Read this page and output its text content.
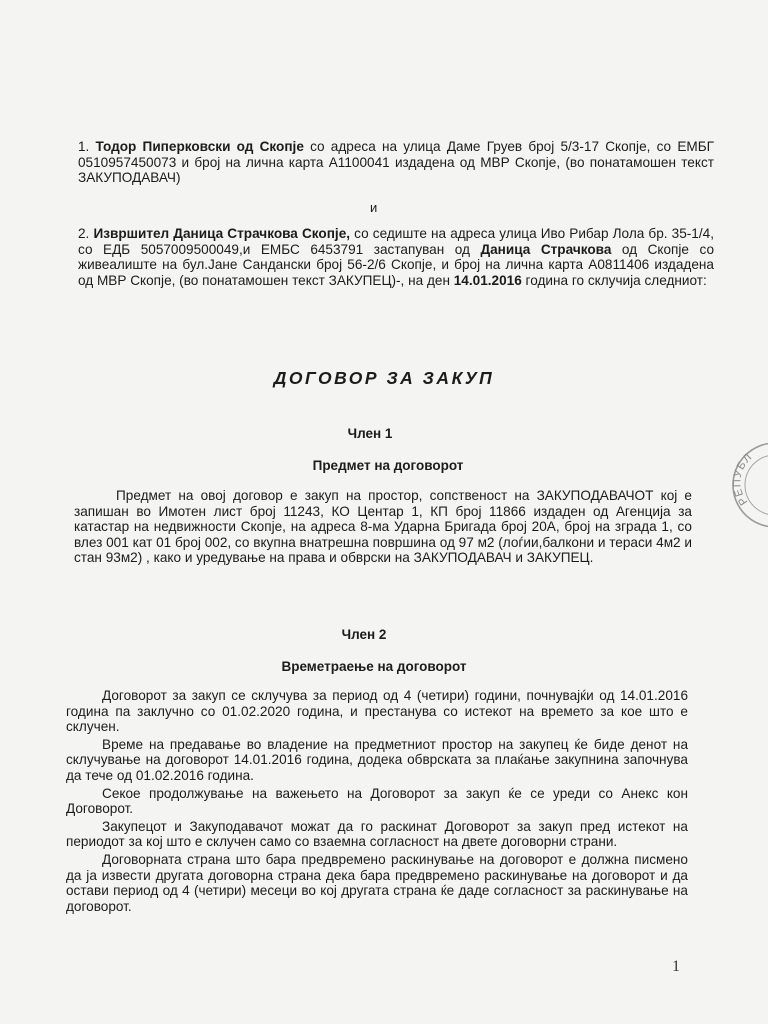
1. Тодор Пиперковски од Скопје со адреса на улица Даме Груев број 5/3-17 Скопје, со ЕМБГ 0510957450073 и број на лична карта А1100041 издадена од МВР Скопје, (во понатамошен текст ЗАКУПОДАВАЧ)

и

2. Извршител Даница Страчкова Скопје, со седиште на адреса улица Иво Рибар Лола бр. 35-1/4, со ЕДБ 5057009500049,и ЕМБС 6453791 застапуван од Даница Страчкова од Скопје со живеалиште на бул.Јане Сандански број 56-2/6 Скопје, и број на лична карта А0811406 издадена од МВР Скопје, (во понатамошен текст ЗАКУПЕЦ)-, на ден 14.01.2016 година го склучија следниот:

ДОГОВОР ЗА ЗАКУП
Член 1
Предмет на договорот

Предмет на овој договор е закуп на простор, сопственост на ЗАКУПОДАВАЧОТ кој е запишан во Имотен лист број 11243, КО Центар 1, КП број 11866 издаден од Агенција за катастар на недвижности Скопје, на адреса 8-ма Ударна Бригада број 20А, број на зграда 1, со влез 001 кат 01 број 002, со вкупна внатрешна површина од 97 м2 (лоѓии,балкони и тераси 4м2 и стан 93м2) , како и уредување на права и обврски на ЗАКУПОДАВАЧ и ЗАКУПЕЦ.

Член 2
Времетраење на договорот

Договорот за закуп се склучува за период од 4 (четири) години, почнувајќи од 14.01.2016 година па заклучно со 01.02.2020 година, и престанува со истекот на времето за кое што е склучен.

Време на предавање во владение на предметниот простор на закупец ќе биде денот на склучување на договорот 14.01.2016 година, додека обврската за плаќање закупнина започнува да тече од 01.02.2016 година.

Секое продолжување на важењето на Договорот за закуп ќе се уреди со Анекс кон Договорот.

Закупецот и Закуподавачот можат да го раскинат Договорот за закуп пред истекот на периодот за кој што е склучен само со взаемна согласност на двете договорни страни.

Договорната страна што бара предвремено раскинување на договорот е должна писмено да ја извести другата договорна страна дека бара предвремено раскинување на договорот и да остави период од 4 (четири) месеци во кој другата страна ќе даде согласност за раскинување на договорот.

1
РЕПУБЛ
